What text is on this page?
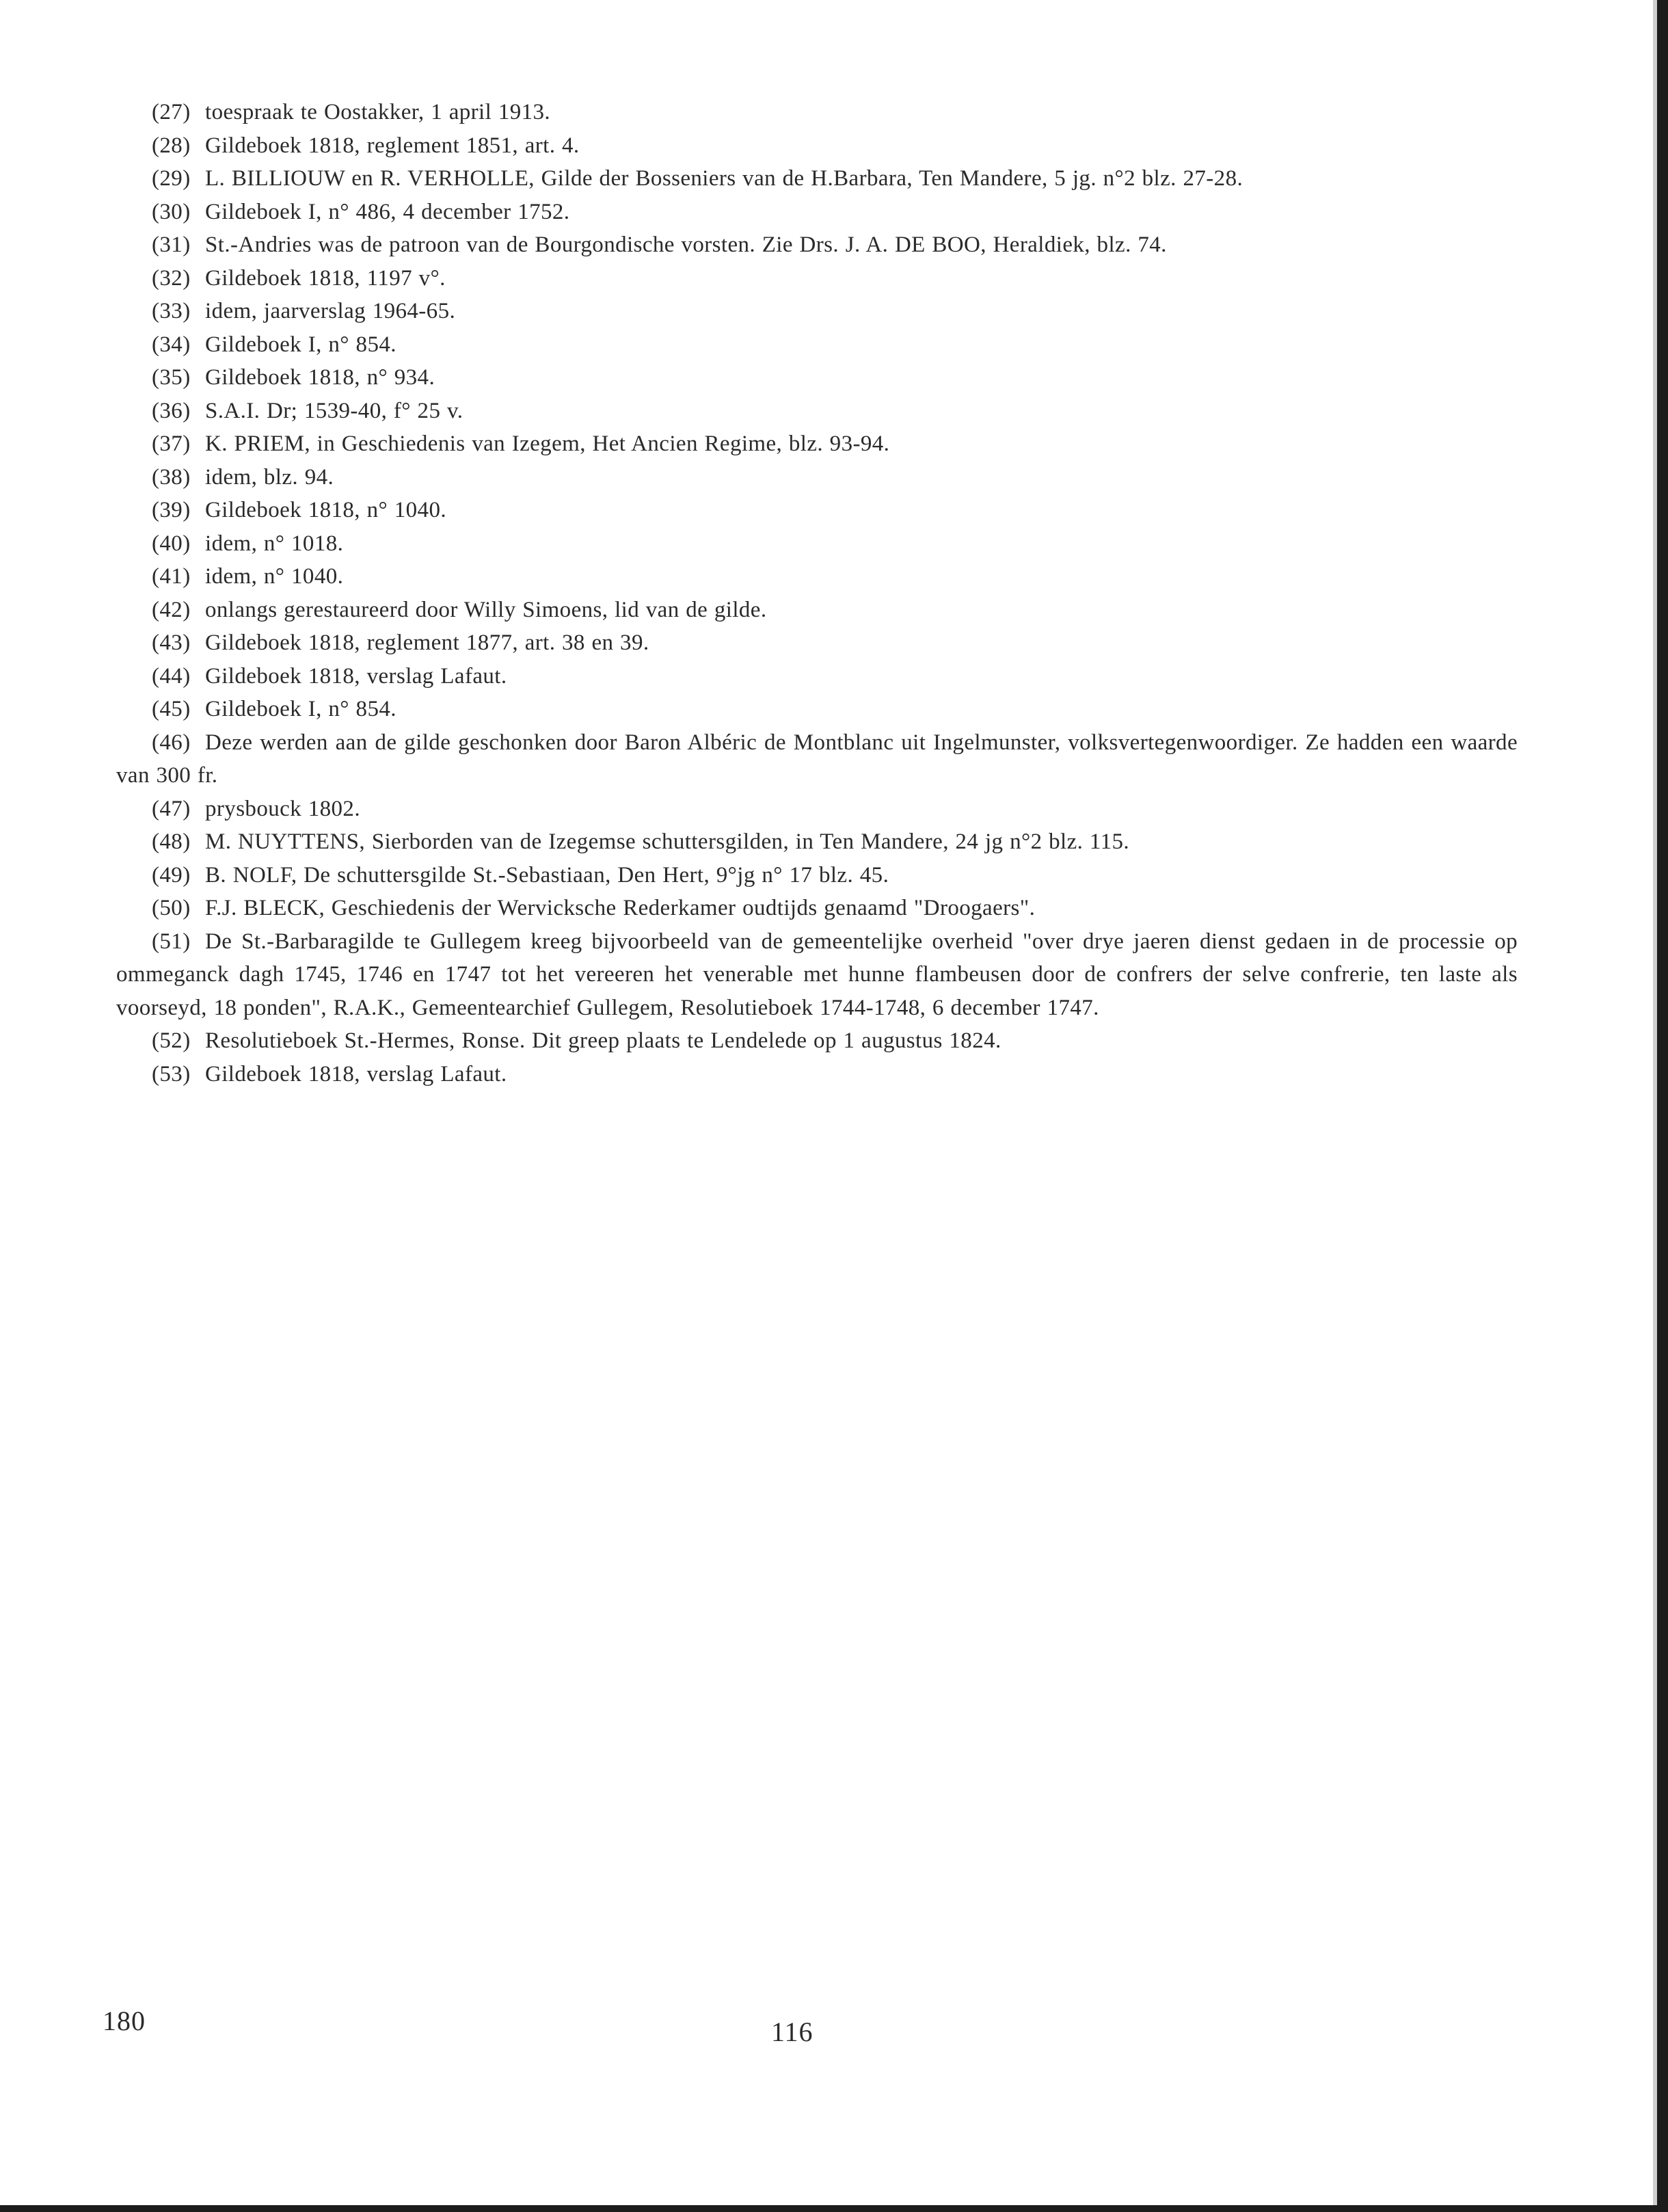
(27) toespraak te Oostakker, 1 april 1913.
(28) Gildeboek 1818, reglement 1851, art. 4.
(29) L. BILLIOUW en R. VERHOLLE, Gilde der Bosseniers van de H.Barbara, Ten Mandere, 5 jg. n°2 blz. 27-28.
(30) Gildeboek I, n° 486, 4 december 1752.
(31) St.-Andries was de patroon van de Bourgondische vorsten. Zie Drs. J. A. DE BOO, Heraldiek, blz. 74.
(32) Gildeboek 1818, 1197 v°.
(33) idem, jaarverslag 1964-65.
(34) Gildeboek I, n° 854.
(35) Gildeboek 1818, n° 934.
(36) S.A.I. Dr; 1539-40, f° 25 v.
(37) K. PRIEM, in Geschiedenis van Izegem, Het Ancien Regime, blz. 93-94.
(38) idem, blz. 94.
(39) Gildeboek 1818, n° 1040.
(40) idem, n° 1018.
(41) idem, n° 1040.
(42) onlangs gerestaureerd door Willy Simoens, lid van de gilde.
(43) Gildeboek 1818, reglement 1877, art. 38 en 39.
(44) Gildeboek 1818, verslag Lafaut.
(45) Gildeboek I, n° 854.
(46) Deze werden aan de gilde geschonken door Baron Albéric de Montblanc uit Ingelmunster, volksvertegenwoordiger. Ze hadden een waarde van 300 fr.
(47) prysbouck 1802.
(48) M. NUYTTENS, Sierborden van de Izegemse schuttersgilden, in Ten Mandere, 24 jg n°2 blz. 115.
(49) B. NOLF, De schuttersgilde St.-Sebastiaan, Den Hert, 9°jg n° 17 blz. 45.
(50) F.J. BLECK, Geschiedenis der Wervicksche Rederkamer oudtijds genaamd "Droogaers".
(51) De St.-Barbaragilde te Gullegem kreeg bijvoorbeeld van de gemeentelijke overheid "over drye jaeren dienst gedaen in de processie op ommeganck dagh 1745, 1746 en 1747 tot het vereeren het venerable met hunne flambeusen door de confrers der selve confrerie, ten laste als voorseyd, 18 ponden", R.A.K., Gemeentearchief Gullegem, Resolutieboek 1744-1748, 6 december 1747.
(52) Resolutieboek St.-Hermes, Ronse. Dit greep plaats te Lendelede op 1 augustus 1824.
(53) Gildeboek 1818, verslag Lafaut.
180	116
